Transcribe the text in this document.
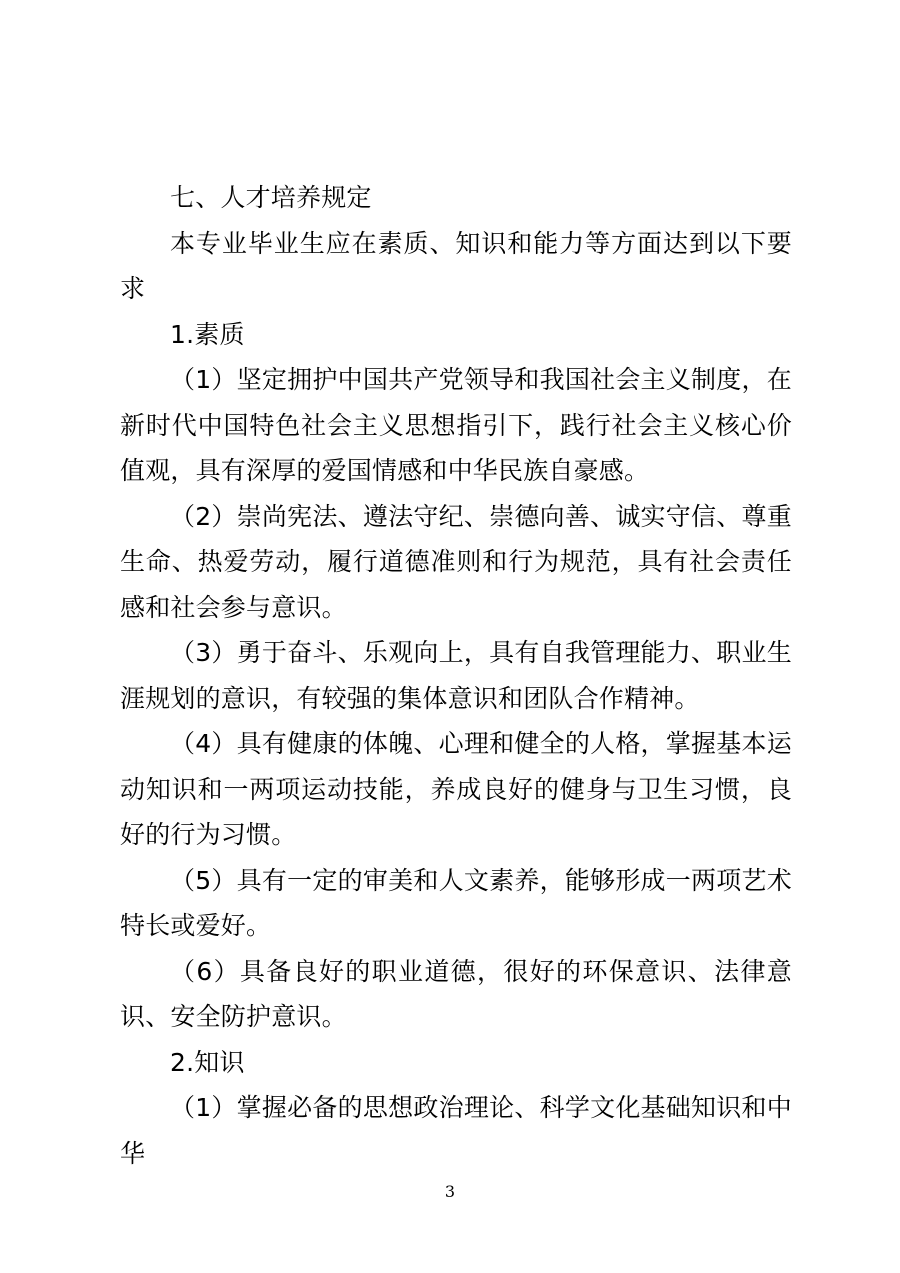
七、人才培养规定

本专业毕业生应在素质、知识和能力等方面达到以下要求

1.素质

（1）坚定拥护中国共产党领导和我国社会主义制度，在新时代中国特色社会主义思想指引下，践行社会主义核心价值观，具有深厚的爱国情感和中华民族自豪感。

（2）崇尚宪法、遵法守纪、崇德向善、诚实守信、尊重生命、热爱劳动，履行道德准则和行为规范，具有社会责任感和社会参与意识。

（3）勇于奋斗、乐观向上，具有自我管理能力、职业生涯规划的意识，有较强的集体意识和团队合作精神。

（4）具有健康的体魄、心理和健全的人格，掌握基本运动知识和一两项运动技能，养成良好的健身与卫生习惯，良好的行为习惯。

（5）具有一定的审美和人文素养，能够形成一两项艺术特长或爱好。

（6）具备良好的职业道德，很好的环保意识、法律意识、安全防护意识。

2.知识

（1）掌握必备的思想政治理论、科学文化基础知识和中华

3
